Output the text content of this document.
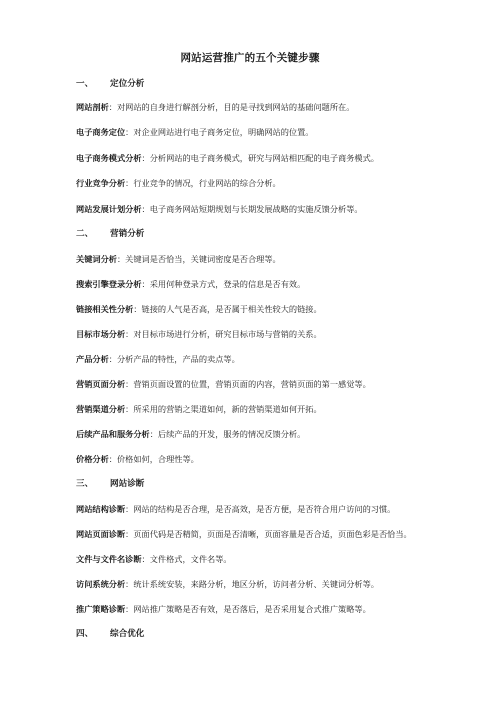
网站运营推广的五个关键步骤
一、 定位分析
网站剖析：对网站的自身进行解剖分析，目的是寻找到网站的基础问题所在。
电子商务定位：对企业网站进行电子商务定位，明确网站的位置。
电子商务模式分析：分析网站的电子商务模式，研究与网站相匹配的电子商务模式。
行业竞争分析：行业竞争的情况，行业网站的综合分析。
网站发展计划分析：电子商务网站短期规划与长期发展战略的实施反馈分析等。
二、 营销分析
关键词分析：关键词是否恰当，关键词密度是否合理等。
搜索引擎登录分析：采用何种登录方式，登录的信息是否有效。
链接相关性分析：链接的人气是否高，是否属于相关性较大的链接。
目标市场分析：对目标市场进行分析，研究目标市场与营销的关系。
产品分析：分析产品的特性，产品的卖点等。
营销页面分析：营销页面设置的位置，营销页面的内容，营销页面的第一感觉等。
营销渠道分析：所采用的营销之渠道如何，新的营销渠道如何开拓。
后续产品和服务分析：后续产品的开发，服务的情况反馈分析。
价格分析：价格如何，合理性等。
三、 网站诊断
网站结构诊断：网站的结构是否合理，是否高效，是否方便，是否符合用户访问的习惯。
网站页面诊断：页面代码是否精简，页面是否清晰，页面容量是否合适，页面色彩是否恰当。
文件与文件名诊断：文件格式，文件名等。
访问系统分析：统计系统安装，来路分析，地区分析，访问者分析、关键词分析等。
推广策略诊断：网站推广策略是否有效，是否落后，是否采用复合式推广策略等。
四、 综合优化
